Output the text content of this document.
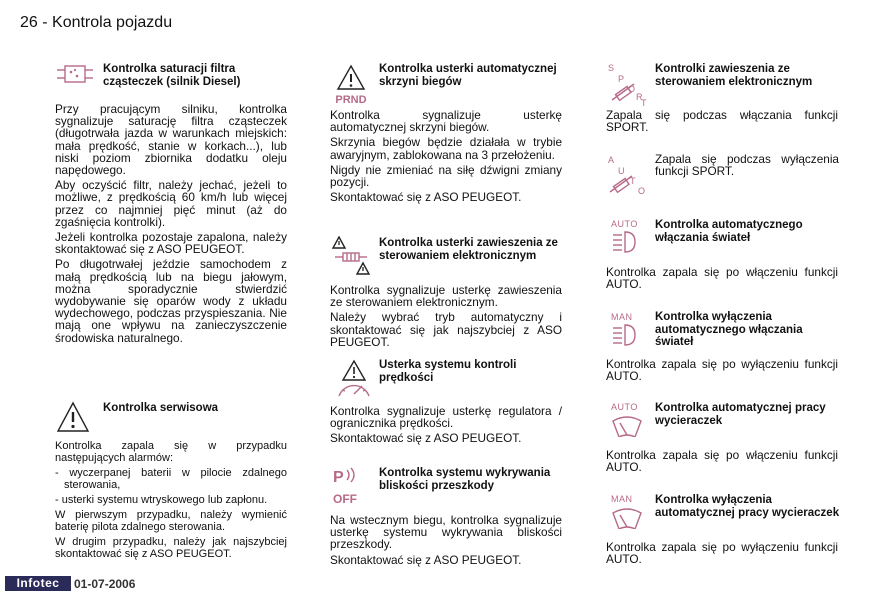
26 - Kontrola pojazdu
Kontrolka saturacji filtra cząsteczek (silnik Diesel)

Przy pracującym silniku, kontrolka sygnalizuje saturację filtra cząsteczek (długotrwała jazda w warunkach miejskich: mała prędkość, stanie w korkach...), lub niski poziom zbiornika dodatku oleju napędowego.

Aby oczyścić filtr, należy jechać, jeżeli to możliwe, z prędkością 60 km/h lub więcej przez co najmniej pięć minut (aż do zgaśnięcia kontrolki).

Jeżeli kontrolka pozostaje zapalona, należy skontaktować się z ASO PEUGEOT.

Po długotrwałej jeździe samochodem z małą prędkością lub na biegu jałowym, można sporadycznie stwierdzić wydobywanie się oparów wody z układu wydechowego, podczas przyspieszania. Nie mają one wpływu na zanieczyszczenie środowiska naturalnego.

Kontrolka serwisowa

Kontrolka zapala się w przypadku następujących alarmów:

- wyczerpanej baterii w pilocie zdalnego sterowania,

- usterki systemu wtryskowego lub zapłonu.

W pierwszym przypadku, należy wymienić baterię pilota zdalnego sterowania.

W drugim przypadku, należy jak najszybciej skontaktować się z ASO PEUGEOT.

PRND
Kontrolka usterki automatycznej skrzyni biegów

Kontrolka sygnalizuje usterkę automatycznej skrzyni biegów.

Skrzynia biegów będzie działała w trybie awaryjnym, zablokowana na 3 przełożeniu.

Nigdy nie zmieniać na siłę dźwigni zmiany pozycji.

Skontaktować się z ASO PEUGEOT.

Kontrolka usterki zawieszenia ze sterowaniem elektronicznym

Kontrolka sygnalizuje usterkę zawieszenia ze sterowaniem elektronicznym.

Należy wybrać tryb automatyczny i skontaktować się jak najszybciej z ASO PEUGEOT.

Usterka systemu kontroli prędkości

Kontrolka sygnalizuje usterkę regulatora / ogranicznika prędkości.

Skontaktować się z ASO PEUGEOT.

P
OFF
Kontrolka systemu wykrywania bliskości przeszkody

Na wstecznym biegu, kontrolka sygnalizuje usterkę systemu wykrywania bliskości przeszkody.

Skontaktować się z ASO PEUGEOT.

S
P
O
R
T
Kontrolki zawieszenia ze sterowaniem elektronicznym

Zapala się podczas włączania funkcji SPORT.

A
U
T
O

Zapala się podczas wyłączenia funkcji SPORT.

AUTO Kontrolka automatycznego włączania świateł

Kontrolka zapala się po włączeniu funkcji AUTO.

MAN Kontrolka wyłączenia automatycznego włączania świateł

Kontrolka zapala się po wyłączeniu funkcji AUTO.

AUTO Kontrolka automatycznej pracy wycieraczek

Kontrolka zapala się po włączeniu funkcji AUTO.

MAN Kontrolka wyłączenia automatycznej pracy wycieraczek

Kontrolka zapala się po wyłączeniu funkcji AUTO.

Infotec	01-07-2006
